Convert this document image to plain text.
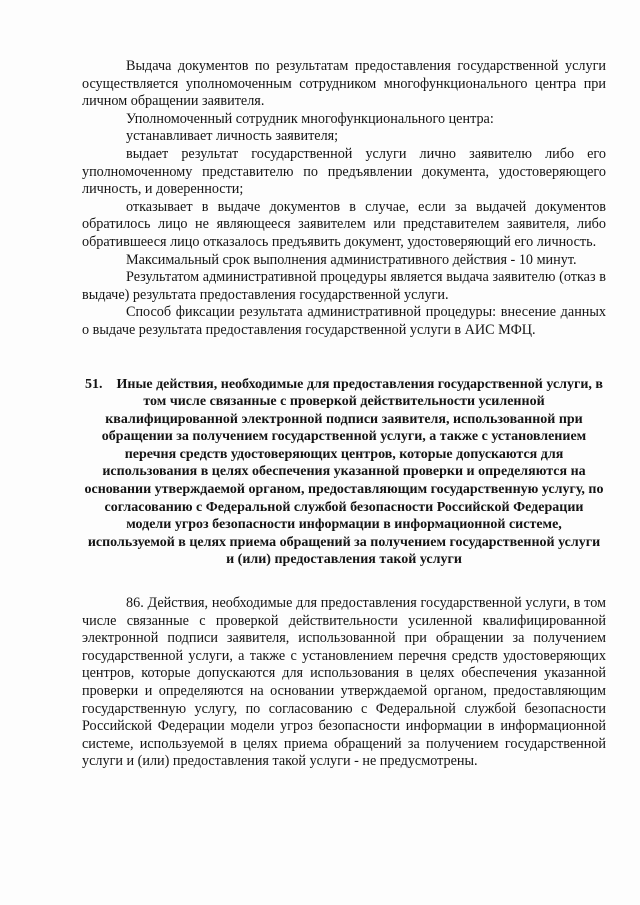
Выдача документов по результатам предоставления государственной услуги осуществляется уполномоченным сотрудником многофункционального центра при личном обращении заявителя.

Уполномоченный сотрудник многофункционального центра:

устанавливает личность заявителя;

выдает результат государственной услуги лично заявителю либо его уполномоченному представителю по предъявлении документа, удостоверяющего личность, и доверенности;

отказывает в выдаче документов в случае, если за выдачей документов обратилось лицо не являющееся заявителем или представителем заявителя, либо обратившееся лицо отказалось предъявить документ, удостоверяющий его личность.

Максимальный срок выполнения административного действия - 10 минут.

Результатом административной процедуры является выдача заявителю (отказ в выдаче) результата предоставления государственной услуги.

Способ фиксации результата административной процедуры: внесение данных о выдаче результата предоставления государственной услуги в АИС МФЦ.

51. Иные действия, необходимые для предоставления государственной услуги, в том числе связанные с проверкой действительности усиленной квалифицированной электронной подписи заявителя, использованной при обращении за получением государственной услуги, а также с установлением перечня средств удостоверяющих центров, которые допускаются для использования в целях обеспечения указанной проверки и определяются на основании утверждаемой органом, предоставляющим государственную услугу, по согласованию с Федеральной службой безопасности Российской Федерации модели угроз безопасности информации в информационной системе, используемой в целях приема обращений за получением государственной услуги и (или) предоставления такой услуги

86. Действия, необходимые для предоставления государственной услуги, в том числе связанные с проверкой действительности усиленной квалифицированной электронной подписи заявителя, использованной при обращении за получением государственной услуги, а также с установлением перечня средств удостоверяющих центров, которые допускаются для использования в целях обеспечения указанной проверки и определяются на основании утверждаемой органом, предоставляющим государственную услугу, по согласованию с Федеральной службой безопасности Российской Федерации модели угроз безопасности информации в информационной системе, используемой в целях приема обращений за получением государственной услуги и (или) предоставления такой услуги - не предусмотрены.
